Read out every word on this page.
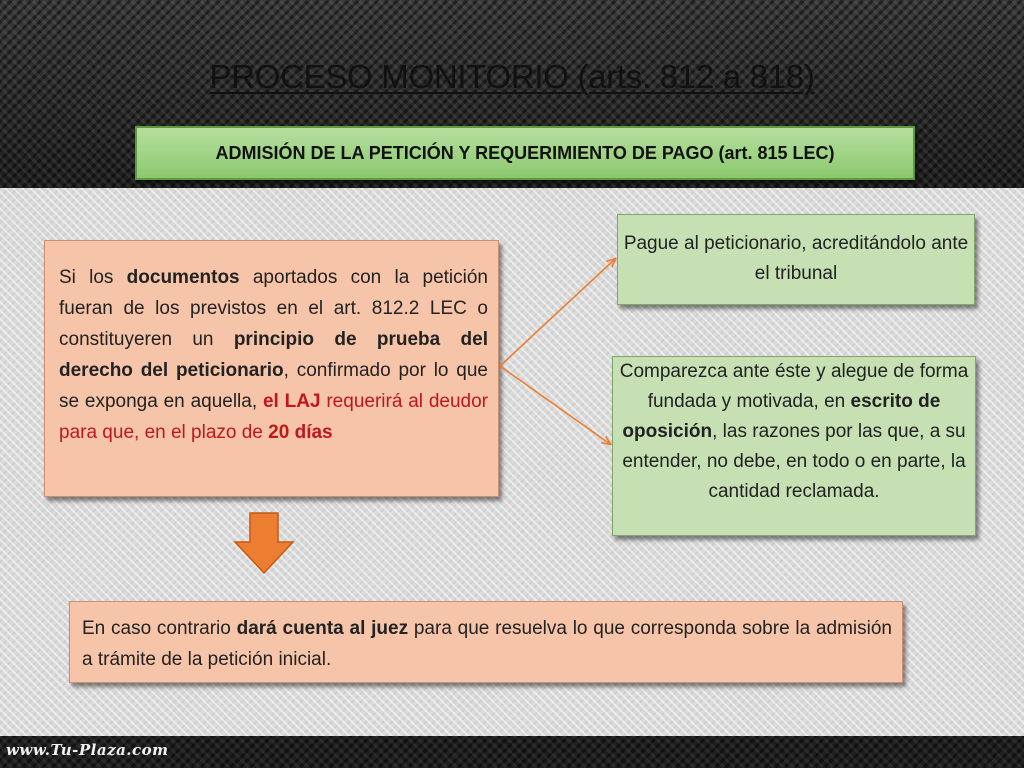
PROCESO MONITORIO (arts. 812 a 818)
ADMISIÓN DE LA PETICIÓN Y REQUERIMIENTO DE PAGO (art. 815 LEC)
Si los documentos aportados con la petición fueran de los previstos en el art. 812.2 LEC o constituyeren un principio de prueba del derecho del peticionario, confirmado por lo que se exponga en aquella, el LAJ requerirá al deudor para que, en el plazo de 20 días
Pague al peticionario, acreditándolo ante el tribunal
Comparezca ante éste y alegue de forma fundada y motivada, en escrito de oposición, las razones por las que, a su entender, no debe, en todo o en parte, la cantidad reclamada.
En caso contrario dará cuenta al juez para que resuelva lo que corresponda sobre la admisión a trámite de la petición inicial.
www.Tu-Plaza.com
